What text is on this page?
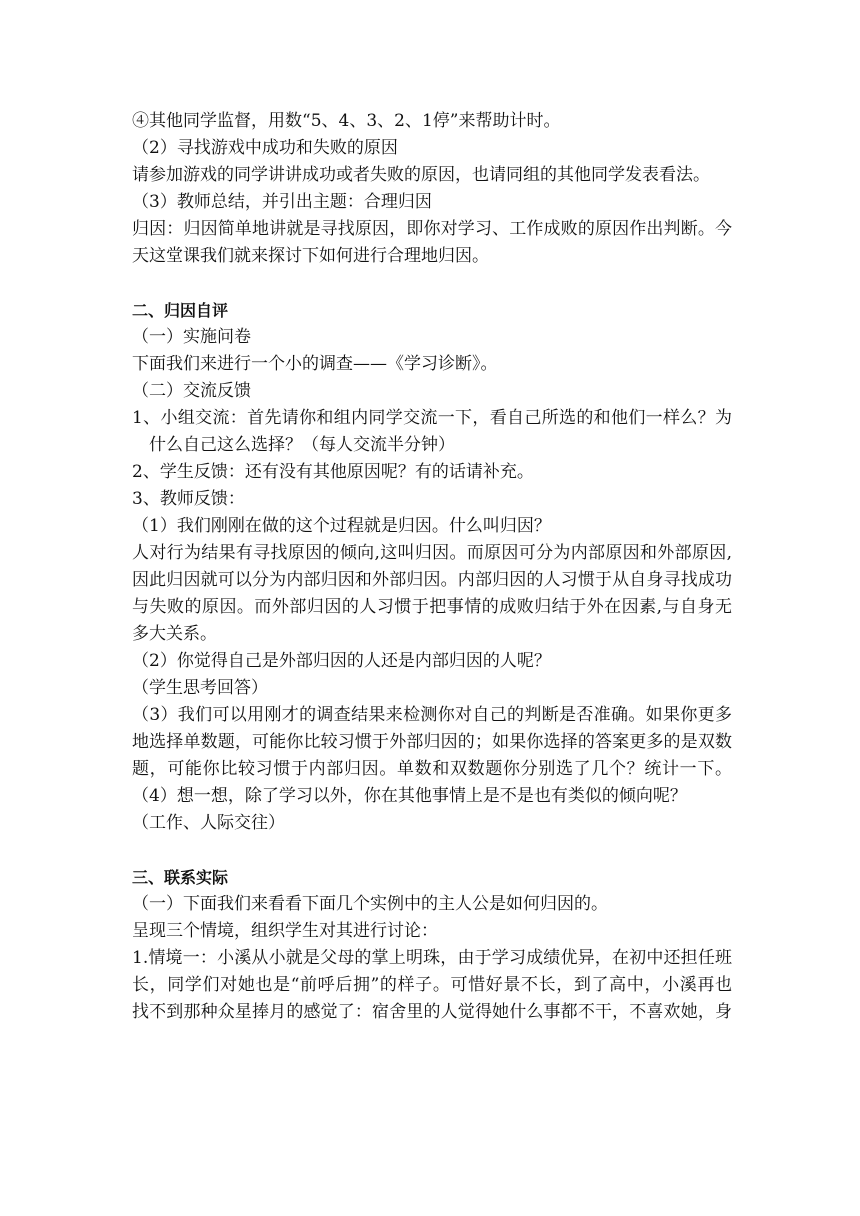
④其他同学监督，用数“5、4、3、2、1停”来帮助计时。
（2）寻找游戏中成功和失败的原因
请参加游戏的同学讲讲成功或者失败的原因，也请同组的其他同学发表看法。
（3）教师总结，并引出主题：合理归因
归因：归因简单地讲就是寻找原因，即你对学习、工作成败的原因作出判断。今
天这堂课我们就来探讨下如何进行合理地归因。
二、归因自评
（一）实施问卷
下面我们来进行一个小的调查——《学习诊断》。
（二）交流反馈
1、小组交流：首先请你和组内同学交流一下，看自己所选的和他们一样么？为
什么自己这么选择？（每人交流半分钟）
2、学生反馈：还有没有其他原因呢？有的话请补充。
3、教师反馈：
（1）我们刚刚在做的这个过程就是归因。什么叫归因？
人对行为结果有寻找原因的倾向,这叫归因。而原因可分为内部原因和外部原因,
因此归因就可以分为内部归因和外部归因。内部归因的人习惯于从自身寻找成功
与失败的原因。而外部归因的人习惯于把事情的成败归结于外在因素,与自身无
多大关系。
（2）你觉得自己是外部归因的人还是内部归因的人呢？
（学生思考回答）
（3）我们可以用刚才的调查结果来检测你对自己的判断是否准确。如果你更多
地选择单数题，可能你比较习惯于外部归因的；如果你选择的答案更多的是双数
题，可能你比较习惯于内部归因。单数和双数题你分别选了几个？统计一下。
（4）想一想，除了学习以外，你在其他事情上是不是也有类似的倾向呢？
（工作、人际交往）
三、联系实际
（一）下面我们来看看下面几个实例中的主人公是如何归因的。
呈现三个情境，组织学生对其进行讨论：
1.情境一：小溪从小就是父母的掌上明珠，由于学习成绩优异，在初中还担任班
长，同学们对她也是“前呼后拥”的样子。可惜好景不长，到了高中，小溪再也
找不到那种众星捧月的感觉了：宿舍里的人觉得她什么事都不干，不喜欢她，身
